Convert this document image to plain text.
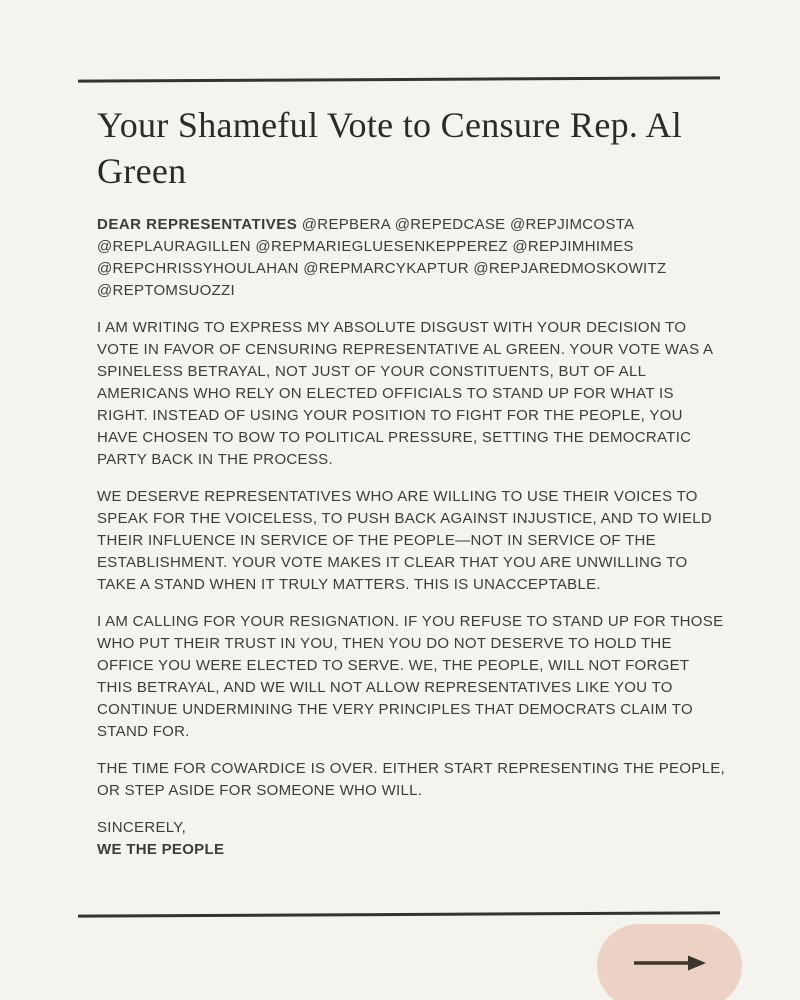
Your Shameful Vote to Censure Rep. Al
Green

DEAR REPRESENTATIVES @REPBERA @REPEDCASE @REPJIMCOSTA @REPLAURAGILLEN @REPMARIEGLUESENKEPPEREZ @REPJIMHIMES @REPCHRISSYHOULAHAN @REPMARCYKAPTUR @REPJAREDMOSKOWITZ @REPTOMSUOZZI

I AM WRITING TO EXPRESS MY ABSOLUTE DISGUST WITH YOUR DECISION TO VOTE IN FAVOR OF CENSURING REPRESENTATIVE AL GREEN. YOUR VOTE WAS A SPINELESS BETRAYAL, NOT JUST OF YOUR CONSTITUENTS, BUT OF ALL AMERICANS WHO RELY ON ELECTED OFFICIALS TO STAND UP FOR WHAT IS RIGHT. INSTEAD OF USING YOUR POSITION TO FIGHT FOR THE PEOPLE, YOU HAVE CHOSEN TO BOW TO POLITICAL PRESSURE, SETTING THE DEMOCRATIC PARTY BACK IN THE PROCESS.

WE DESERVE REPRESENTATIVES WHO ARE WILLING TO USE THEIR VOICES TO SPEAK FOR THE VOICELESS, TO PUSH BACK AGAINST INJUSTICE, AND TO WIELD THEIR INFLUENCE IN SERVICE OF THE PEOPLE—NOT IN SERVICE OF THE ESTABLISHMENT. YOUR VOTE MAKES IT CLEAR THAT YOU ARE UNWILLING TO TAKE A STAND WHEN IT TRULY MATTERS. THIS IS UNACCEPTABLE.

I AM CALLING FOR YOUR RESIGNATION. IF YOU REFUSE TO STAND UP FOR THOSE WHO PUT THEIR TRUST IN YOU, THEN YOU DO NOT DESERVE TO HOLD THE OFFICE YOU WERE ELECTED TO SERVE. WE, THE PEOPLE, WILL NOT FORGET THIS BETRAYAL, AND WE WILL NOT ALLOW REPRESENTATIVES LIKE YOU TO CONTINUE UNDERMINING THE VERY PRINCIPLES THAT DEMOCRATS CLAIM TO STAND FOR.

THE TIME FOR COWARDICE IS OVER. EITHER START REPRESENTING THE PEOPLE, OR STEP ASIDE FOR SOMEONE WHO WILL.

SINCERELY,

WE THE PEOPLE
